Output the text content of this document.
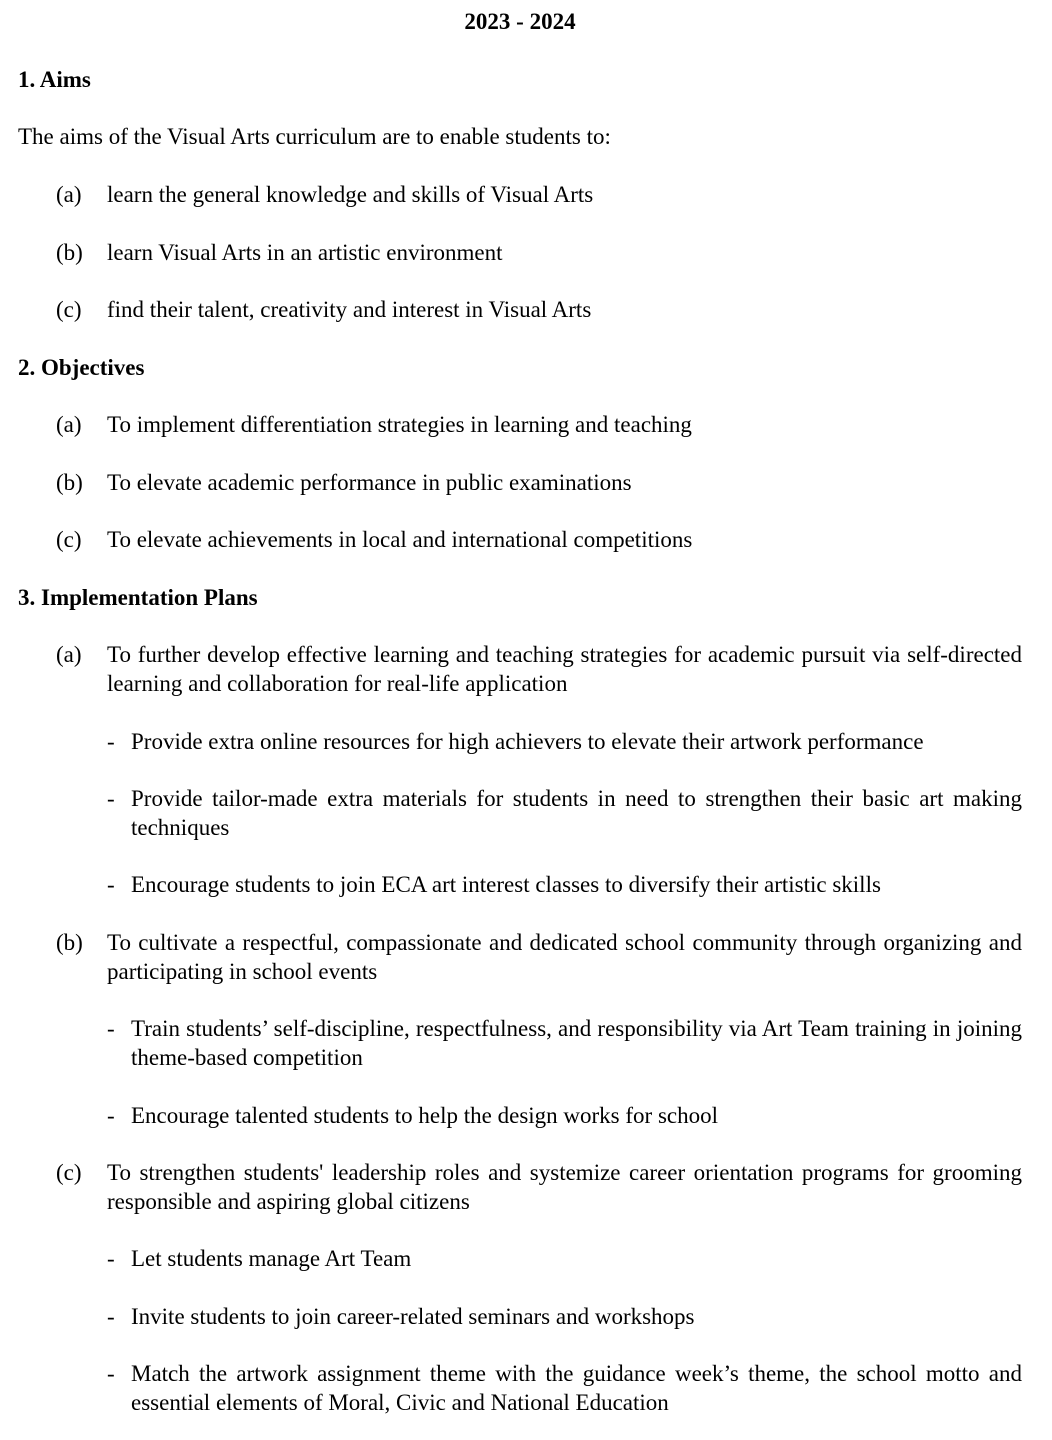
2023 - 2024
1. Aims
The aims of the Visual Arts curriculum are to enable students to:
(a) learn the general knowledge and skills of Visual Arts
(b) learn Visual Arts in an artistic environment
(c) find their talent, creativity and interest in Visual Arts
2. Objectives
(a) To implement differentiation strategies in learning and teaching
(b) To elevate academic performance in public examinations
(c) To elevate achievements in local and international competitions
3. Implementation Plans
(a) To further develop effective learning and teaching strategies for academic pursuit via self-directed learning and collaboration for real-life application
- Provide extra online resources for high achievers to elevate their artwork performance
- Provide tailor-made extra materials for students in need to strengthen their basic art making techniques
- Encourage students to join ECA art interest classes to diversify their artistic skills
(b) To cultivate a respectful, compassionate and dedicated school community through organizing and participating in school events
- Train students’ self-discipline, respectfulness, and responsibility via Art Team training in joining theme-based competition
- Encourage talented students to help the design works for school
(c) To strengthen students' leadership roles and systemize career orientation programs for grooming responsible and aspiring global citizens
- Let students manage Art Team
- Invite students to join career-related seminars and workshops
- Match the artwork assignment theme with the guidance week’s theme, the school motto and essential elements of Moral, Civic and National Education
